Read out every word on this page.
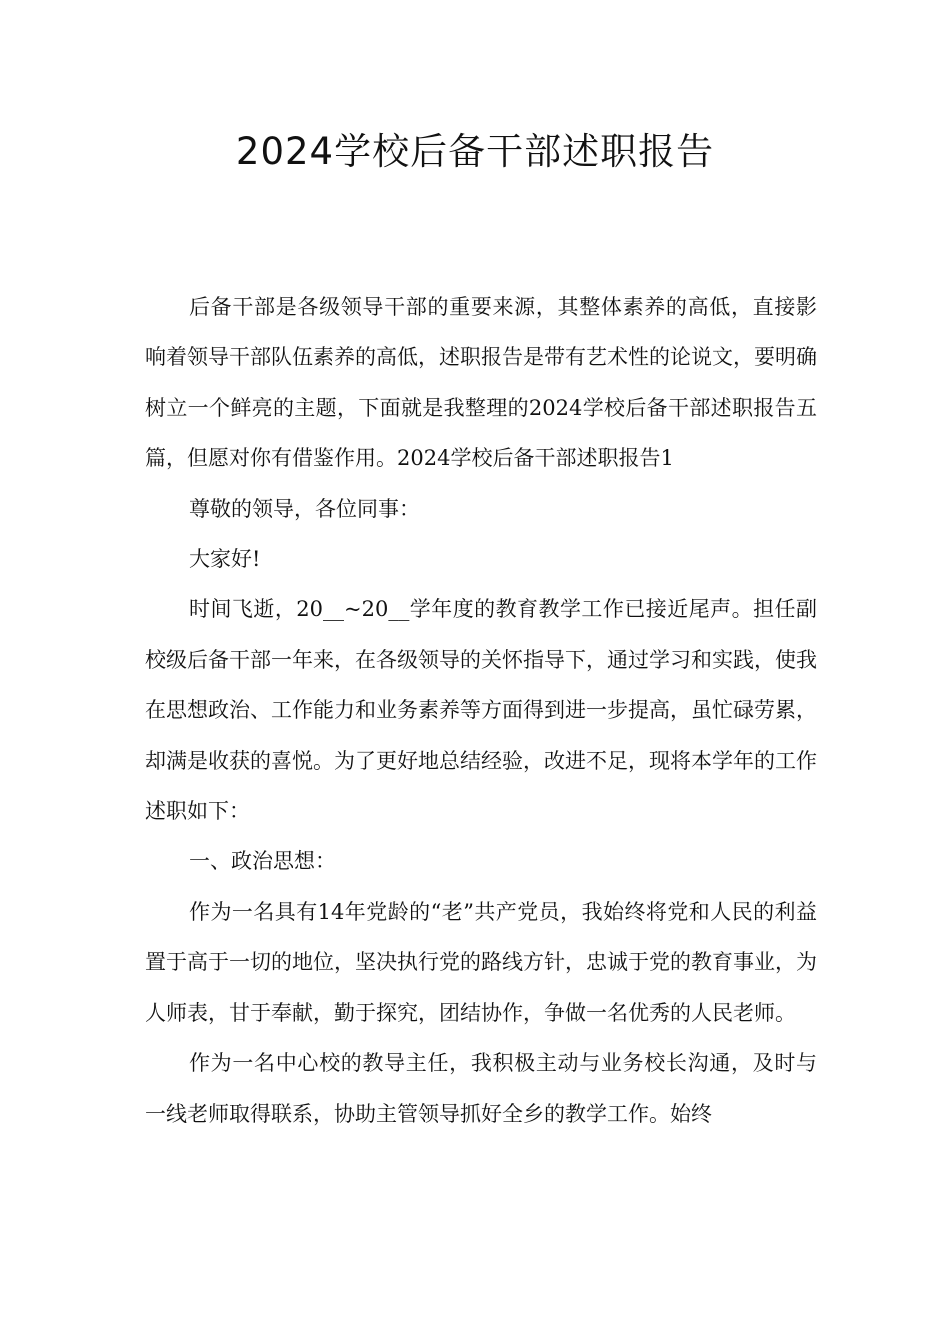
2024学校后备干部述职报告

后备干部是各级领导干部的重要来源，其整体素养的高低，直接影响着领导干部队伍素养的高低，述职报告是带有艺术性的论说文，要明确树立一个鲜亮的主题，下面就是我整理的2024学校后备干部述职报告五篇，但愿对你有借鉴作用。2024学校后备干部述职报告1

尊敬的领导，各位同事：

大家好!

时间飞逝，20__~20__学年度的教育教学工作已接近尾声。担任副校级后备干部一年来，在各级领导的关怀指导下，通过学习和实践，使我在思想政治、工作能力和业务素养等方面得到进一步提高，虽忙碌劳累，却满是收获的喜悦。为了更好地总结经验，改进不足，现将本学年的工作述职如下：

一、政治思想：

作为一名具有14年党龄的“老”共产党员，我始终将党和人民的利益置于高于一切的地位，坚决执行党的路线方针，忠诚于党的教育事业，为人师表，甘于奉献，勤于探究，团结协作，争做一名优秀的人民老师。

作为一名中心校的教导主任，我积极主动与业务校长沟通，及时与一线老师取得联系，协助主管领导抓好全乡的教学工作。始终
